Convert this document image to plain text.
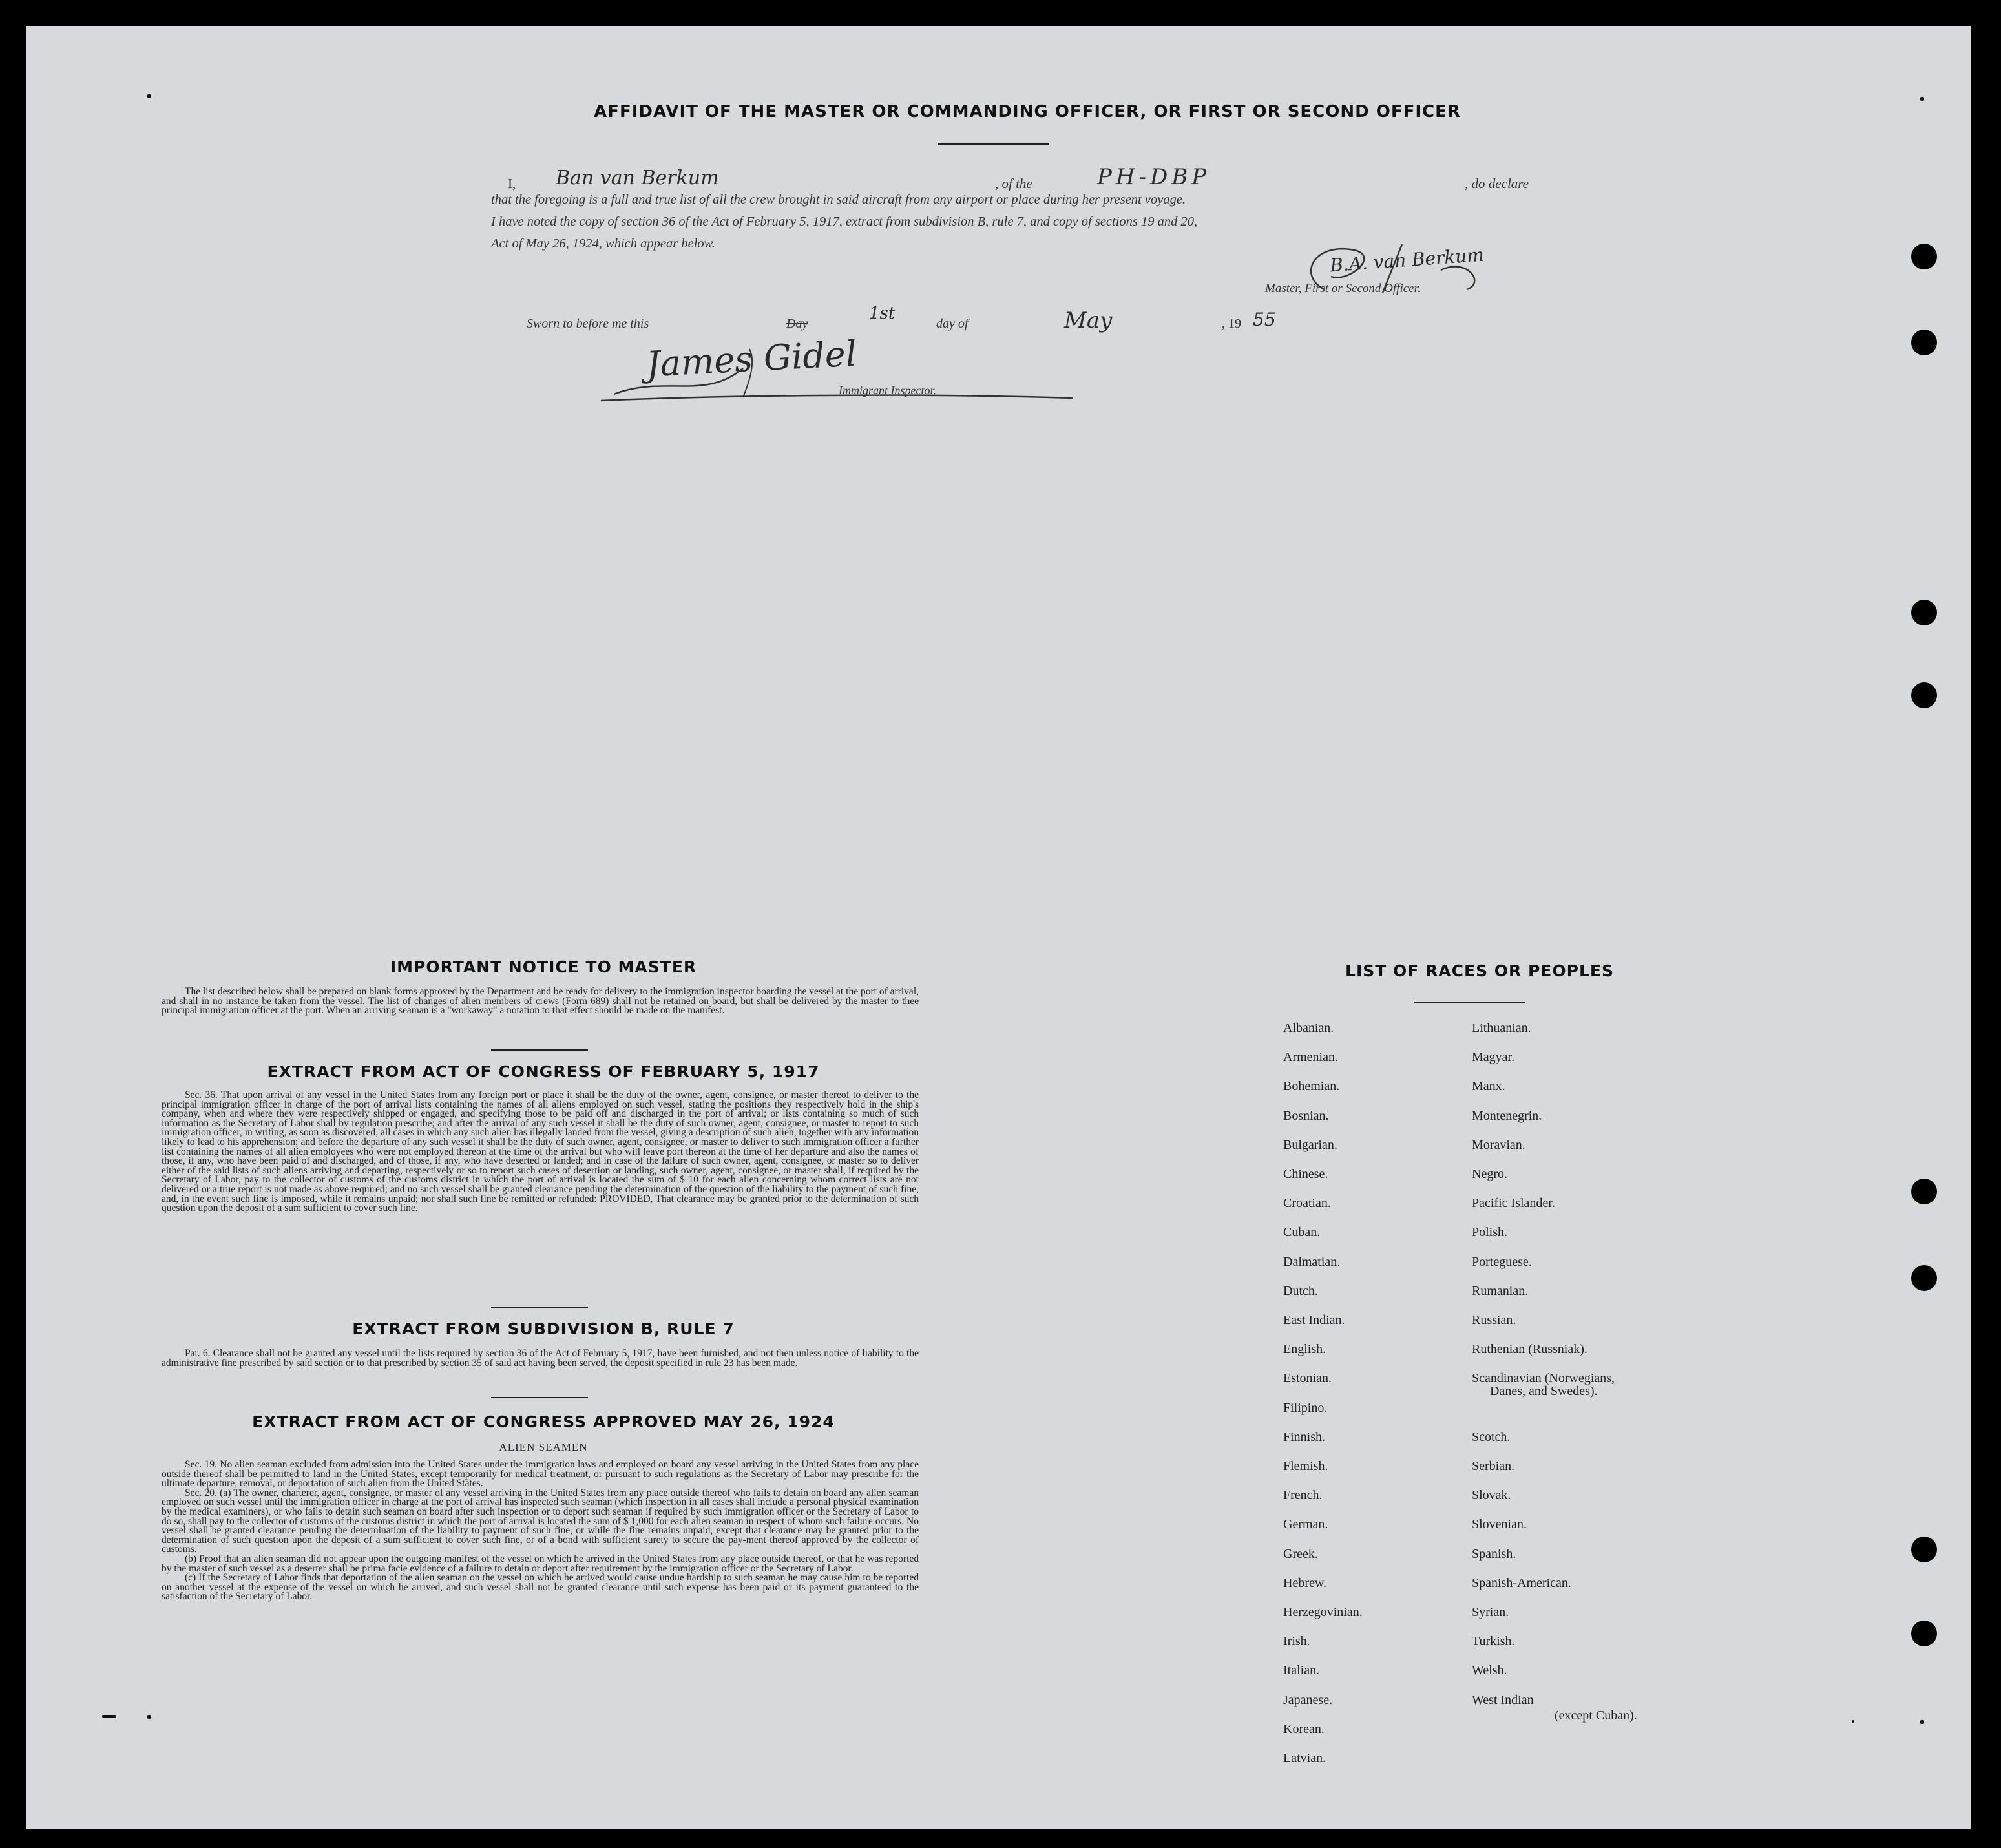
AFFIDAVIT OF THE MASTER OR COMMANDING OFFICER, OR FIRST OR SECOND OFFICER
I, Ban van Berkum	, of the	PH-DBP	, do declare
that the foregoing is a full and true list of all the crew brought in said aircraft from any airport or place during her present voyage.
I have noted the copy of section 36 of the Act of February 5, 1917, extract from subdivision B, rule 7, and copy of sections 19 and 20,
Act of May 26, 1924, which appear below.
B.A. van Berkum
Master, First or Second Officer.
Sworn to before me this	Day
1st
day of	May	, 19 55
James Gidel
Immigrant Inspector.
IMPORTANT NOTICE TO MASTER
The list described below shall be prepared on blank forms approved by the Department and be ready for delivery to the immigration inspector boarding the vessel at the port of arrival, and shall in no instance be taken from the vessel. The list of changes of alien members of crews (Form 689) shall not be retained on board, but shall be delivered by the master to thee principal immigration officer at the port. When an arriving seaman is a "workaway" a notation to that effect should be made on the manifest.
EXTRACT FROM ACT OF CONGRESS OF FEBRUARY 5, 1917
Sec. 36. That upon arrival of any vessel in the United States from any foreign port or place it shall be the duty of the owner, agent, consignee, or master thereof to deliver to the principal immigration officer in charge of the port of arrival lists containing the names of all aliens employed on such vessel, stating the positions they respectively hold in the ship's company, when and where they were respectively shipped or engaged, and specifying those to be paid off and discharged in the port of arrival; or lists containing so much of such information as the Secretary of Labor shall by regulation prescribe; and after the arrival of any such vessel it shall be the duty of such owner, agent, consignee, or master to report to such immigration officer, in writing, as soon as discovered, all cases in which any such alien has illegally landed from the vessel, giving a description of such alien, together with any information likely to lead to his apprehension; and before the departure of any such vessel it shall be the duty of such owner, agent, consignee, or master to deliver to such immigration officer a further list containing the names of all alien employees who were not employed thereon at the time of the arrival but who will leave port thereon at the time of her departure and also the names of those, if any, who have been paid of and discharged, and of those, if any, who have deserted or landed; and in case of the failure of such owner, agent, consignee, or master so to deliver either of the said lists of such aliens arriving and departing, respectively or so to report such cases of desertion or landing, such owner, agent, consignee, or master shall, if required by the Secretary of Labor, pay to the collector of customs of the customs district in which the port of arrival is located the sum of $ 10 for each alien concerning whom correct lists are not delivered or a true report is not made as above required; and no such vessel shall be granted clearance pending the determination of the question of the liability to the payment of such fine, and, in the event such fine is imposed, while it remains unpaid; nor shall such fine be remitted or refunded: PROVIDED, That clearance may be granted prior to the determination of such question upon the deposit of a sum sufficient to cover such fine.
EXTRACT FROM SUBDIVISION B, RULE 7
Par. 6. Clearance shall not be granted any vessel until the lists required by section 36 of the Act of February 5, 1917, have been furnished, and not then unless notice of liability to the administrative fine prescribed by said section or to that prescribed by section 35 of said act having been served, the deposit specified in rule 23 has been made.
EXTRACT FROM ACT OF CONGRESS APPROVED MAY 26, 1924
ALIEN SEAMEN
Sec. 19. No alien seaman excluded from admission into the United States under the immigration laws and employed on board any vessel arriving in the United States from any place outside thereof shall be permitted to land in the United States, except temporarily for medical treatment, or pursuant to such regulations as the Secretary of Labor may prescribe for the ultimate departure, removal, or deportation of such alien from the United States.
Sec. 20. (a) The owner, charterer, agent, consignee, or master of any vessel arriving in the United States from any place outside thereof who fails to detain on board any alien seaman employed on such vessel until the immigration officer in charge at the port of arrival has inspected such seaman (which inspection in all cases shall include a personal physical examination by the medical examiners), or who fails to detain such seaman on board after such inspection or to deport such seaman if required by such immigration officer or the Secretary of Labor to do so, shall pay to the collector of customs of the customs district in which the port of arrival is located the sum of $ 1,000 for each alien seaman in respect of whom such failure occurs. No vessel shall be granted clearance pending the determination of the liability to payment of such fine, or while the fine remains unpaid, except that clearance may be granted prior to the determination of such question upon the deposit of a sum sufficient to cover such fine, or of a bond with sufficient surety to secure the pay-ment thereof approved by the collector of customs.
(b) Proof that an alien seaman did not appear upon the outgoing manifest of the vessel on which he arrived in the United States from any place outside thereof, or that he was reported by the master of such vessel as a deserter shall be prima facie evidence of a failure to detain or deport after requirement by the immigration officer or the Secretary of Labor.
(c) If the Secretary of Labor finds that deportation of the alien seaman on the vessel on which he arrived would cause undue hardship to such seaman he may cause him to be reported on another vessel at the expense of the vessel on which he arrived, and such vessel shall not be granted clearance until such expense has been paid or its payment guaranteed to the satisfaction of the Secretary of Labor.
LIST OF RACES OR PEOPLES
Albanian.
Armenian.
Bohemian.
Bosnian.
Bulgarian.
Chinese.
Croatian.
Cuban.
Dalmatian.
Dutch.
East Indian.
English.
Estonian.
Filipino.
Finnish.
Flemish.
French.
German.
Greek.
Hebrew.
Herzegovinian.
Irish.
Italian.
Japanese.
Korean.
Latvian.
Lithuanian.
Magyar.
Manx.
Montenegrin.
Moravian.
Negro.
Pacific Islander.
Polish.
Porteguese.
Rumanian.
Russian.
Ruthenian (Russniak).
Scandinavian (Norwegians,
Danes, and Swedes).
Scotch.
Serbian.
Slovak.
Slovenian.
Spanish.
Spanish-American.
Syrian.
Turkish.
Welsh.
West Indian
(except Cuban).
